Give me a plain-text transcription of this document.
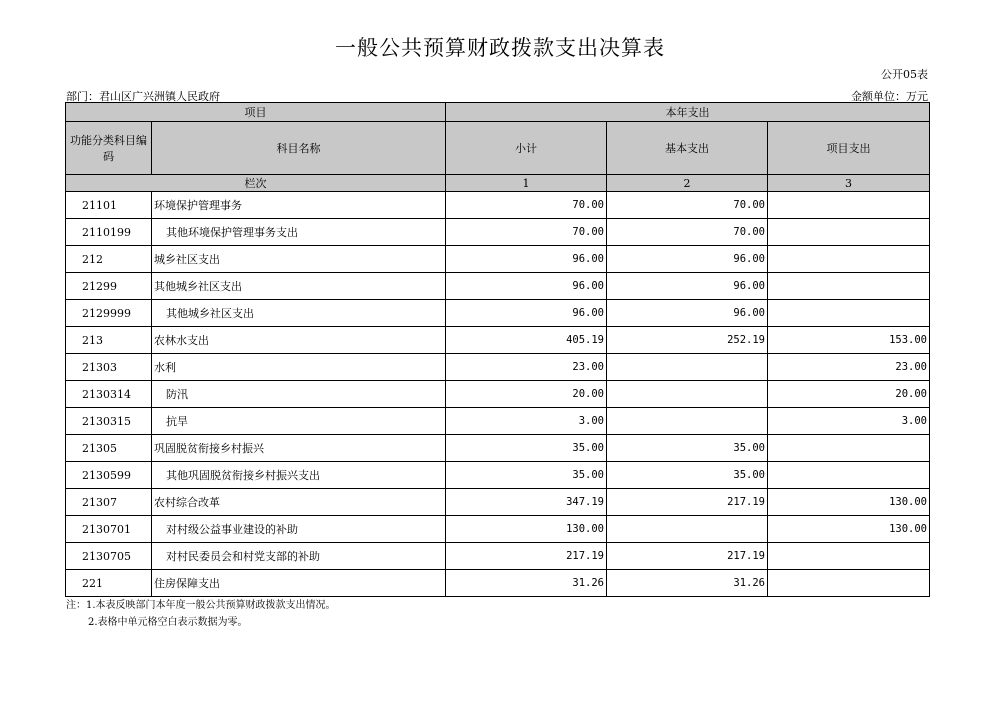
一般公共预算财政拨款支出决算表
公开05表
部门：君山区广兴洲镇人民政府	金额单位：万元
项目		本年支出		
功能分类科目编码	科目名称	小计	基本支出	项目支出
栏次		1	2	3
21101	环境保护管理事务	70.00	70.00	
2110199	其他环境保护管理事务支出	70.00	70.00	
212	城乡社区支出	96.00	96.00	
21299	其他城乡社区支出	96.00	96.00	
2129999	其他城乡社区支出	96.00	96.00	
213	农林水支出	405.19	252.19	153.00
21303	水利	23.00		23.00
2130314	防汛	20.00		20.00
2130315	抗旱	3.00		3.00
21305	巩固脱贫衔接乡村振兴	35.00	35.00	
2130599	其他巩固脱贫衔接乡村振兴支出	35.00	35.00	
21307	农村综合改革	347.19	217.19	130.00
2130701	对村级公益事业建设的补助	130.00		130.00
2130705	对村民委员会和村党支部的补助	217.19	217.19	
221	住房保障支出	31.26	31.26	
注：1.本表反映部门本年度一般公共预算财政拨款支出情况。
2.表格中单元格空白表示数据为零。
